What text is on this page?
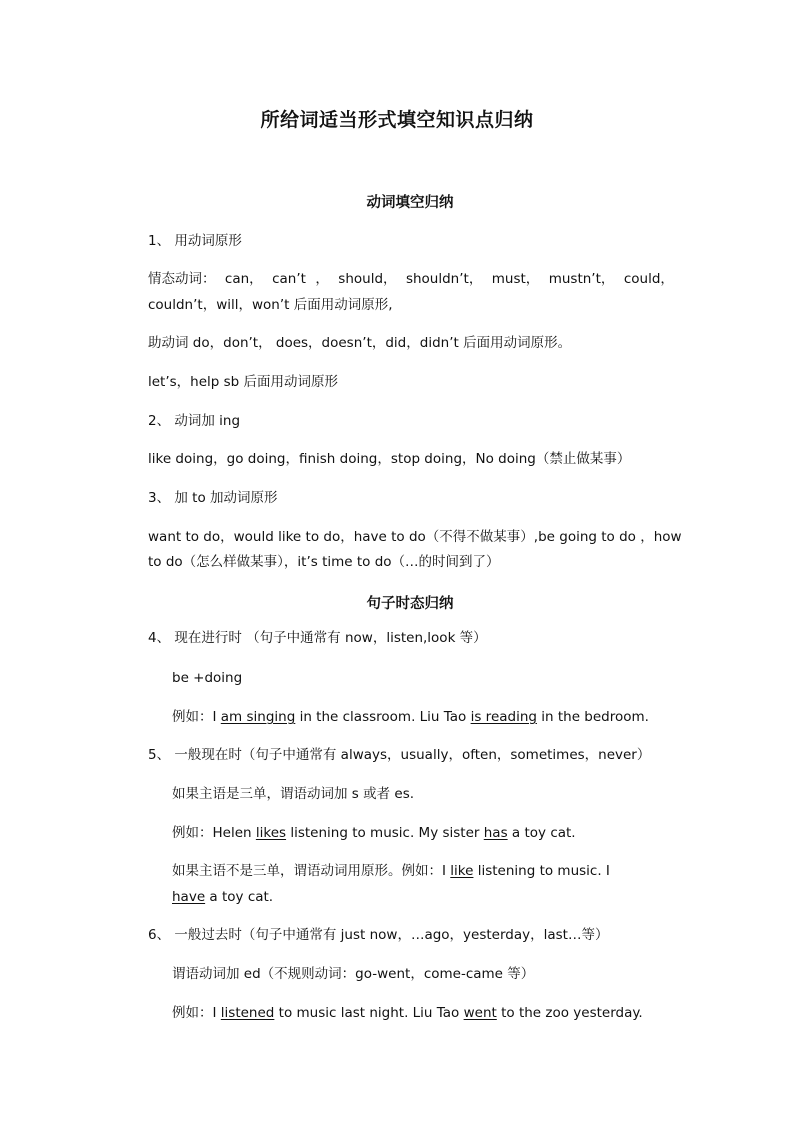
所给词适当形式填空知识点归纳
动词填空归纳
1、 用动词原形
情态动词： can， can’t ， should， shouldn’t， must， mustn’t， could，
couldn’t，will，won’t 后面用动词原形,
助动词 do，don’t， does，doesn’t，did，didn’t 后面用动词原形。
let’s，help sb 后面用动词原形
2、 动词加 ing
like doing，go doing，finish doing，stop doing，No doing（禁止做某事）
3、 加 to 加动词原形
want to do，would like to do，have to do（不得不做某事）,be going to do ，how
to do（怎么样做某事），it’s time to do（…的时间到了）
句子时态归纳
4、 现在进行时 （句子中通常有 now，listen,look 等）
be +doing
例如：I am singing in the classroom. Liu Tao is reading in the bedroom.
5、 一般现在时（句子中通常有 always，usually，often，sometimes，never）
如果主语是三单，谓语动词加 s 或者 es.
例如：Helen likes listening to music. My sister has a toy cat.
如果主语不是三单，谓语动词用原形。例如：I like listening to music. I
have a toy cat.
6、 一般过去时（句子中通常有 just now，…ago，yesterday，last…等）
谓语动词加 ed（不规则动词：go-went，come-came 等）
例如：I listened to music last night. Liu Tao went to the zoo yesterday.
